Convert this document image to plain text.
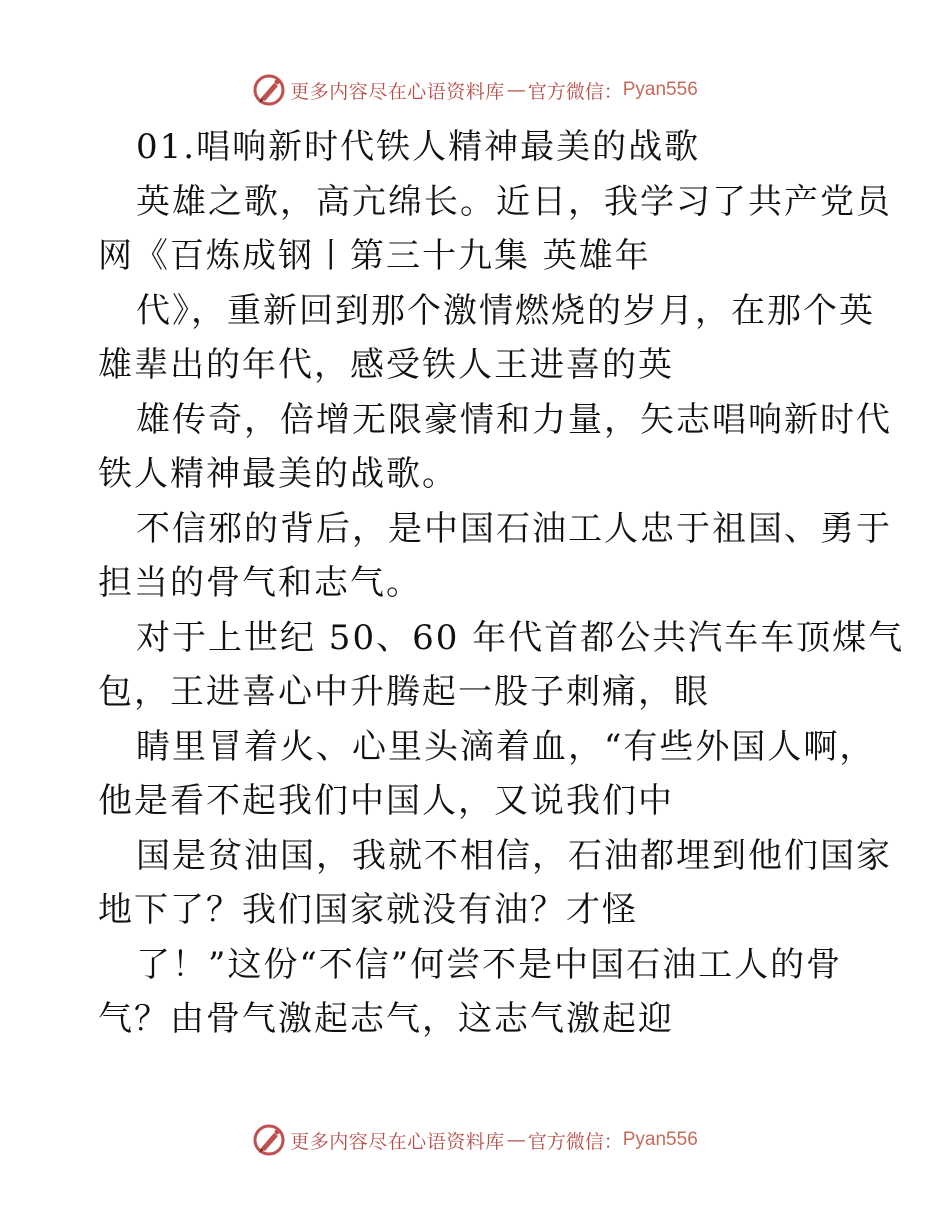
更多内容尽在心语资料库 — 官方微信： Pyan556
01.唱响新时代铁人精神最美的战歌
英雄之歌，高亢绵长。近日，我学习了共产党员
网《百炼成钢丨第三十九集 英雄年
代》，重新回到那个激情燃烧的岁月，在那个英
雄辈出的年代，感受铁人王进喜的英
雄传奇，倍增无限豪情和力量，矢志唱响新时代
铁人精神最美的战歌。
不信邪的背后，是中国石油工人忠于祖国、勇于
担当的骨气和志气。
对于上世纪 50、60 年代首都公共汽车车顶煤气
包，王进喜心中升腾起一股子刺痛，眼
睛里冒着火、心里头滴着血，“有些外国人啊，
他是看不起我们中国人，又说我们中
国是贫油国，我就不相信，石油都埋到他们国家
地下了？我们国家就没有油？才怪
了！”这份“不信”何尝不是中国石油工人的骨
气？由骨气激起志气，这志气激起迎
更多内容尽在心语资料库 — 官方微信： Pyan556
